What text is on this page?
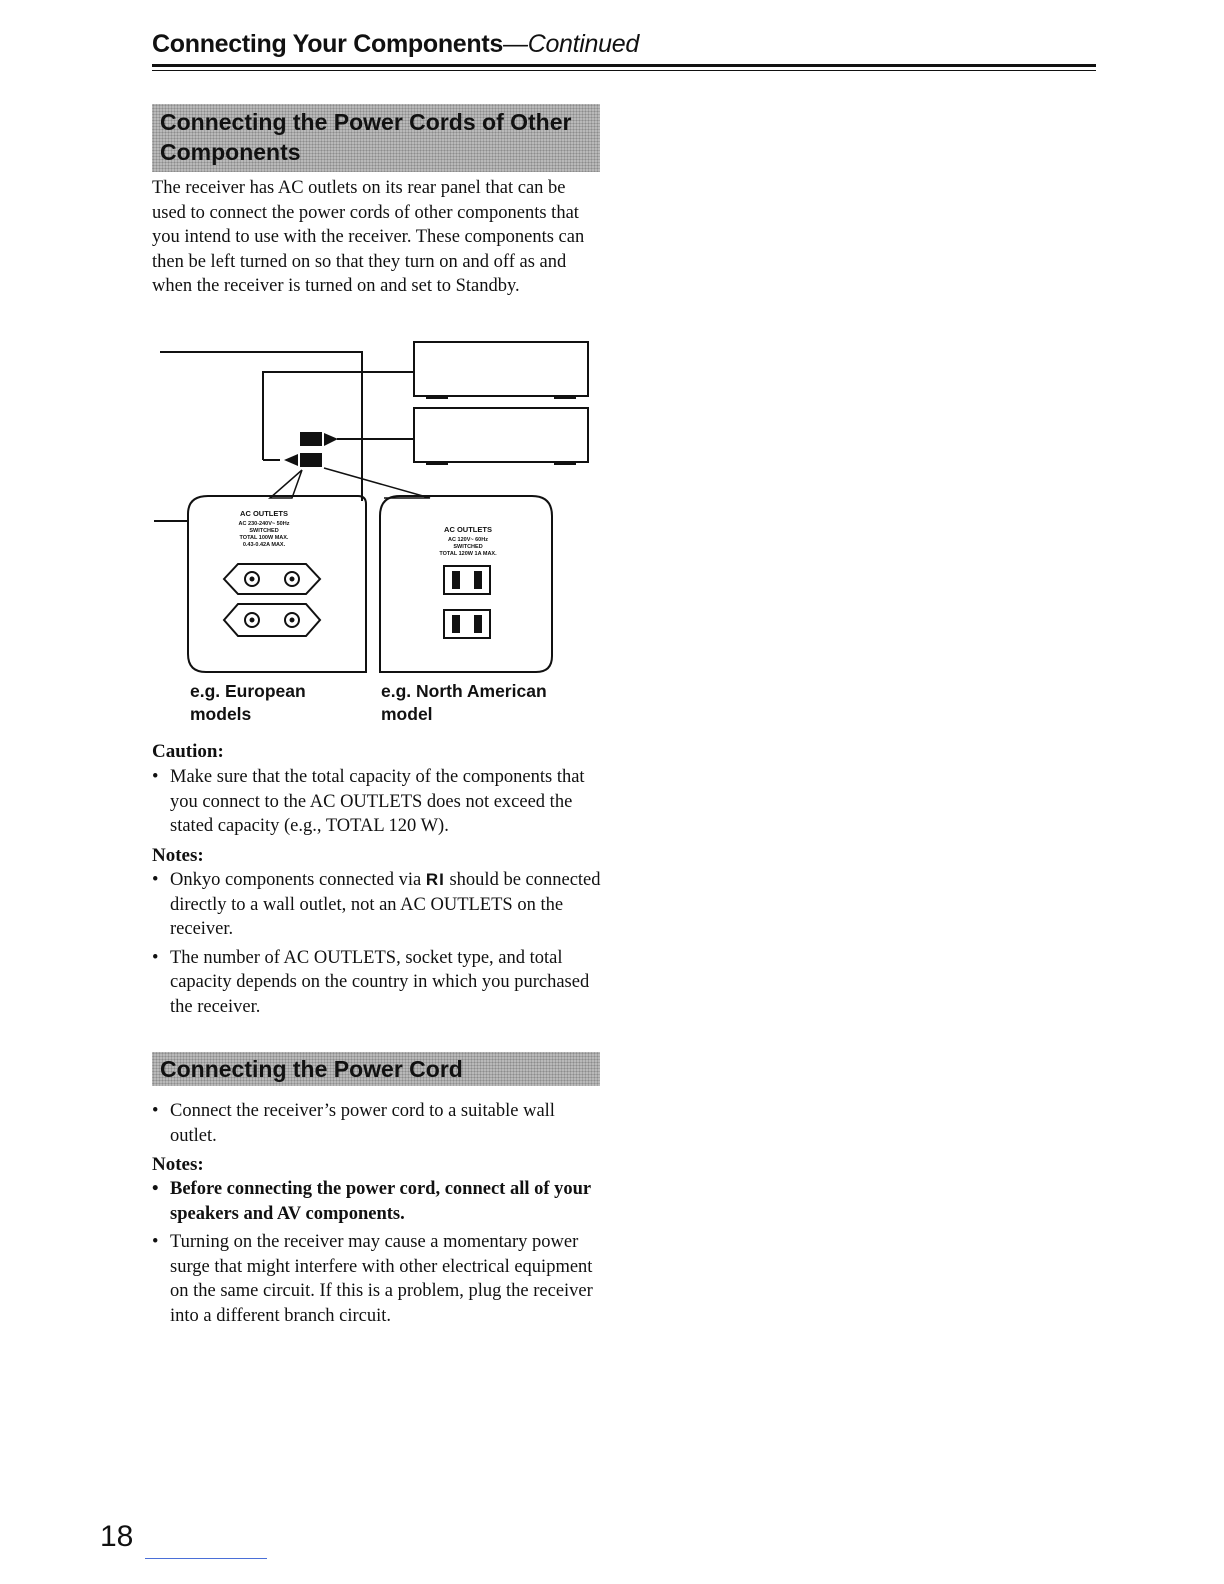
Connecting Your Components—Continued
Connecting the Power Cords of Other Components

The receiver has AC outlets on its rear panel that can be used to connect the power cords of other components that you intend to use with the receiver. These components can then be left turned on so that they turn on and off as and when the receiver is turned on and set to Standby.

AC OUTLETS
AC 230-240V~ 50Hz
SWITCHED
TOTAL 100W MAX.
0.43-0.42A MAX.
AC OUTLETS
AC 120V~ 60Hz
SWITCHED
TOTAL 120W 1A MAX.
e.g. European
models
e.g. North American
model
Caution:
• Make sure that the total capacity of the components that you connect to the AC OUTLETS does not exceed the stated capacity (e.g., TOTAL 120 W).
Notes:
• Onkyo components connected via RI should be connected directly to a wall outlet, not an AC OUTLETS on the receiver.
• The number of AC OUTLETS, socket type, and total capacity depends on the country in which you purchased the receiver.
Connecting the Power Cord
• Connect the receiver’s power cord to a suitable wall outlet.
Notes:
• Before connecting the power cord, connect all of your speakers and AV components.
• Turning on the receiver may cause a momentary power surge that might interfere with other electrical equipment on the same circuit. If this is a problem, plug the receiver into a different branch circuit.
18
